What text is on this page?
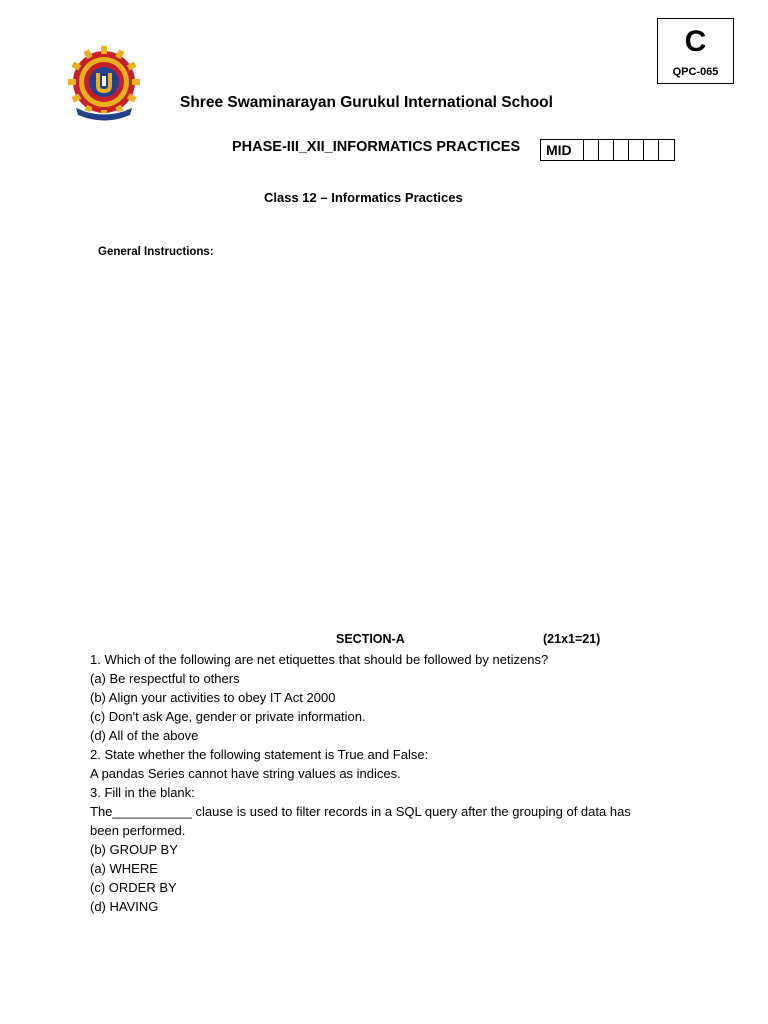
C
QPC-065
Shree Swaminarayan Gurukul International School
PHASE-III_XII_INFORMATICS PRACTICES	MID
Class 12 – Informatics Practices
General Instructions:
SECTION-A	(21x1=21)
1. Which of the following are net etiquettes that should be followed by netizens?
(a) Be respectful to others
(b) Align your activities to obey IT Act 2000
(c) Don't ask Age, gender or private information.
(d) All of the above
2. State whether the following statement is True and False:
A pandas Series cannot have string values as indices.
3. Fill in the blank:
The___________ clause is used to filter records in a SQL query after the grouping of data has
been performed.
(b) GROUP BY
(a) WHERE
(c) ORDER BY
(d) HAVING
